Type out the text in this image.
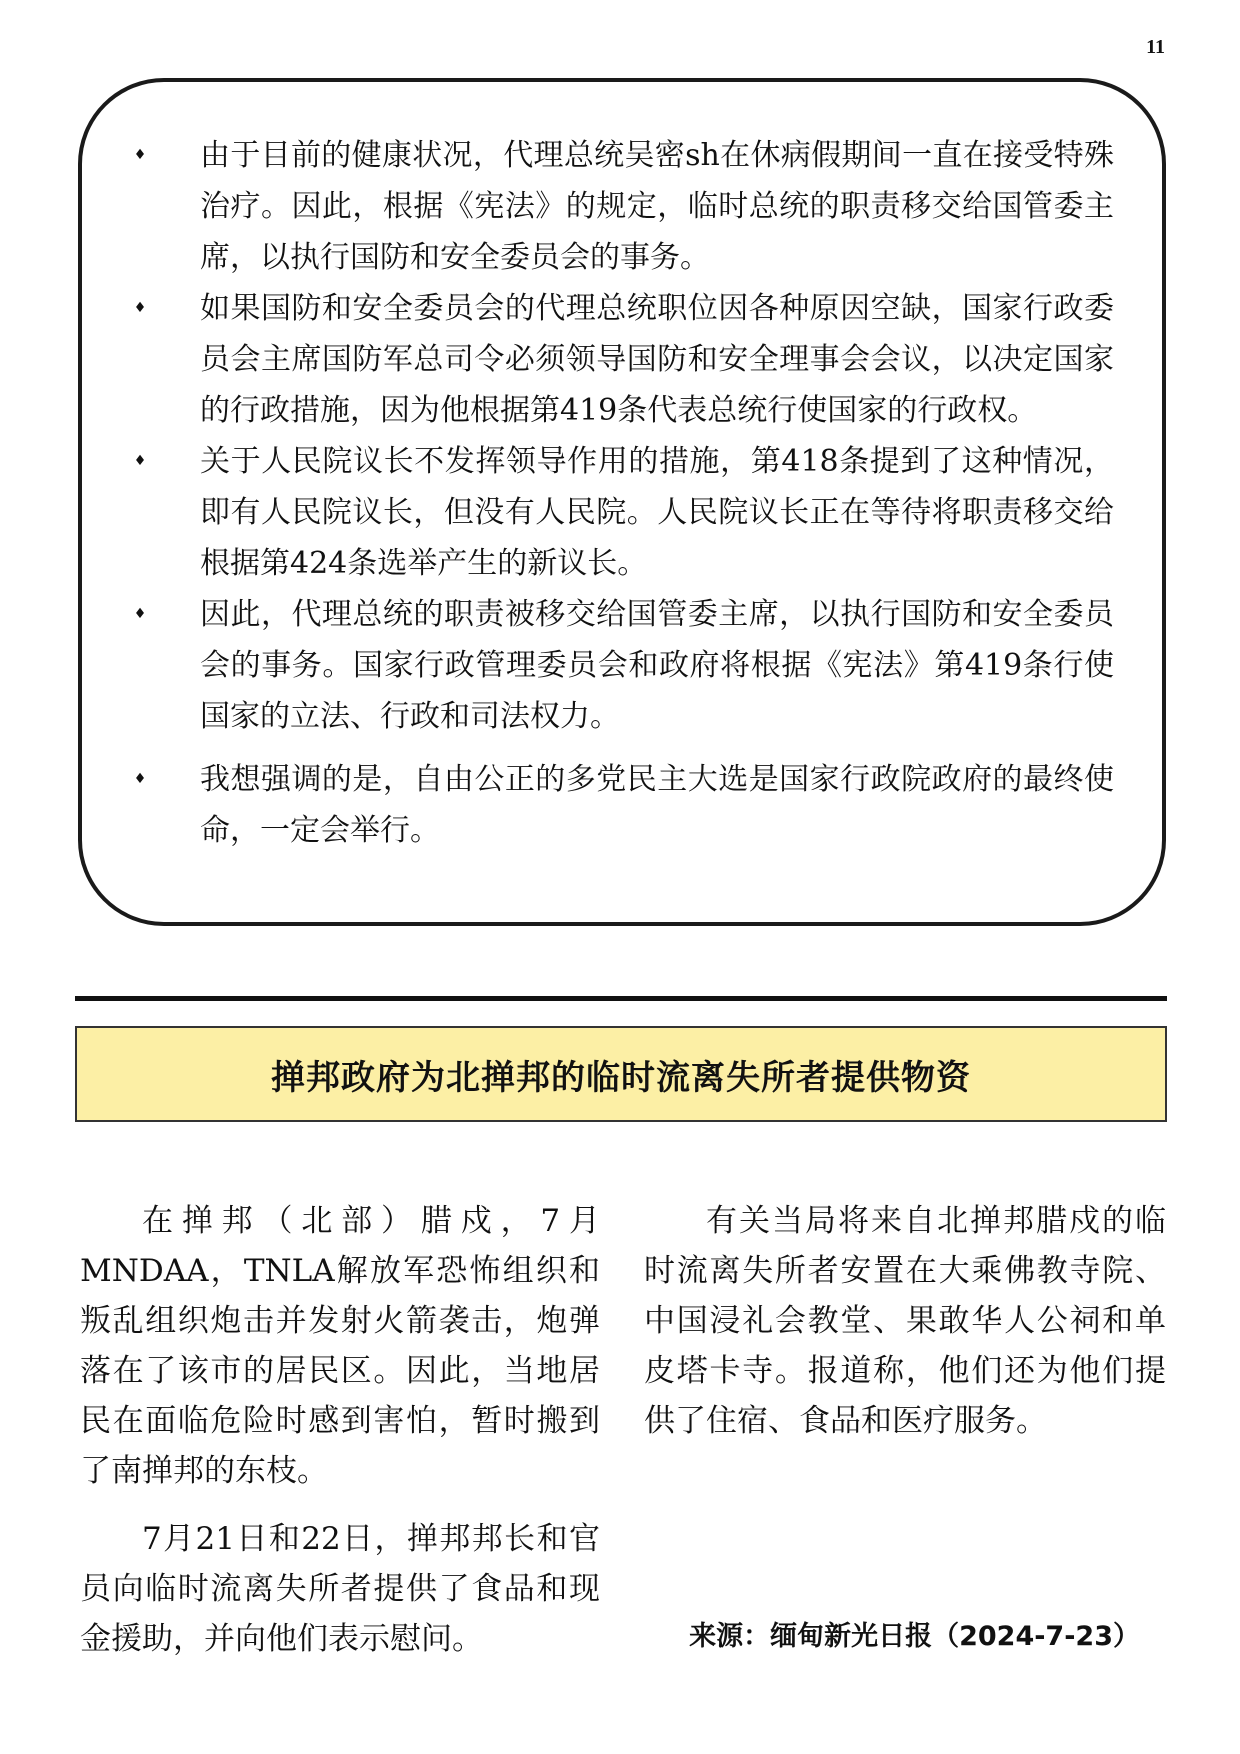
11
♦ 由于目前的健康状况，代理总统吴密sh在休病假期间一直在接受特殊治疗。因此，根据《宪法》的规定，临时总统的职责移交给国管委主席，以执行国防和安全委员会的事务。
♦ 如果国防和安全委员会的代理总统职位因各种原因空缺，国家行政委员会主席国防军总司令必须领导国防和安全理事会会议，以决定国家的行政措施，因为他根据第419条代表总统行使国家的行政权。
♦ 关于人民院议长不发挥领导作用的措施，第418条提到了这种情况，即有人民院议长，但没有人民院。人民院议长正在等待将职责移交给根据第424条选举产生的新议长。
♦ 因此，代理总统的职责被移交给国管委主席，以执行国防和安全委员会的事务。国家行政管理委员会和政府将根据《宪法》第419条行使国家的立法、行政和司法权力。
♦ 我想强调的是，自由公正的多党民主大选是国家行政院政府的最终使命，一定会举行。
掸邦政府为北掸邦的临时流离失所者提供物资

在掸邦（北部）腊戍，7月MNDAA，TNLA解放军恐怖组织和叛乱组织炮击并发射火箭袭击，炮弹落在了该市的居民区。因此，当地居民在面临危险时感到害怕，暂时搬到了南掸邦的东枝。

7月21日和22日，掸邦邦长和官员向临时流离失所者提供了食品和现金援助，并向他们表示慰问。

有关当局将来自北掸邦腊戍的临时流离失所者安置在大乘佛教寺院、中国浸礼会教堂、果敢华人公祠和单皮塔卡寺。报道称，他们还为他们提供了住宿、食品和医疗服务。

来源：缅甸新光日报（2024-7-23）
